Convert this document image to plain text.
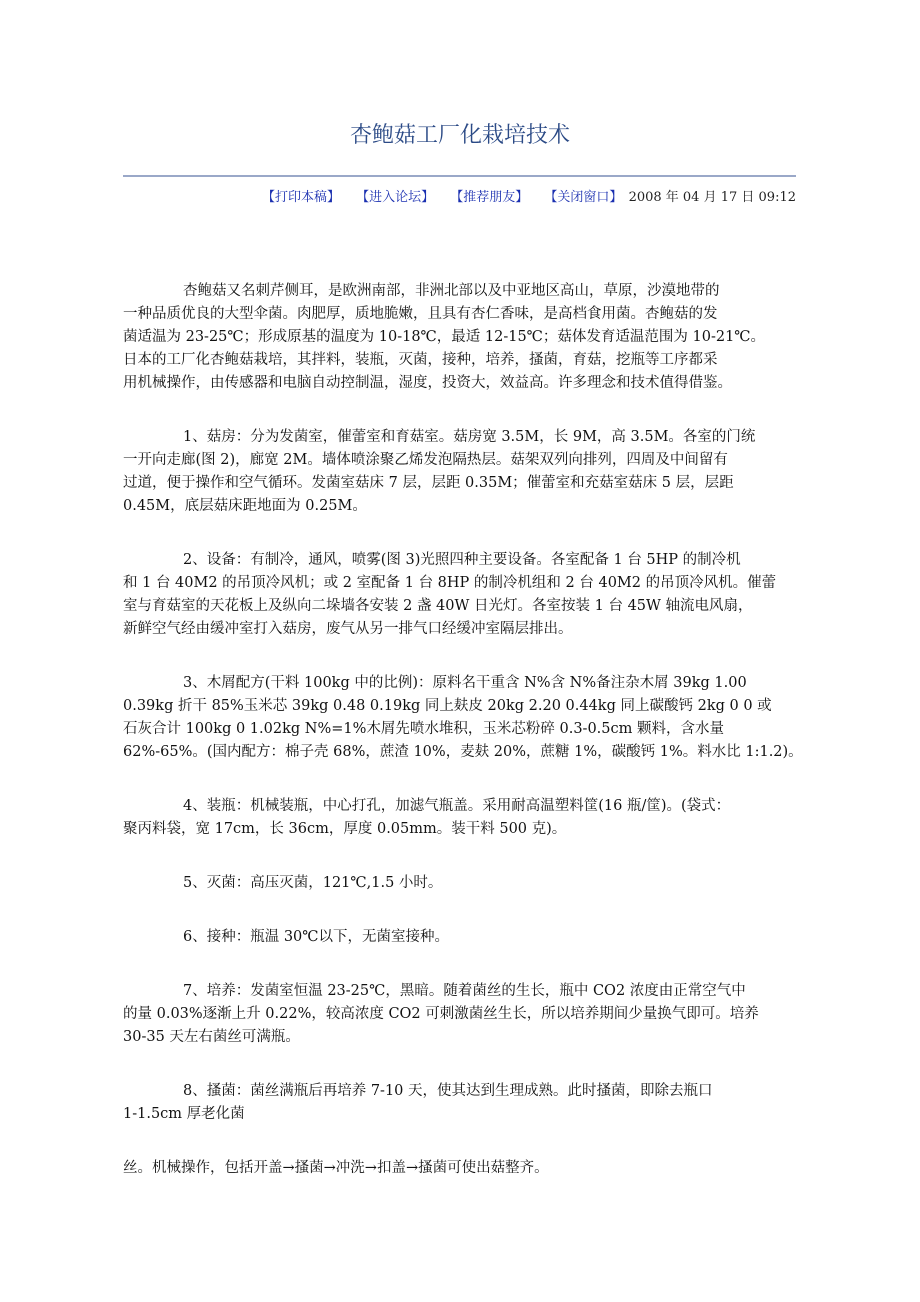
杏鲍菇工厂化栽培技术
【打印本稿】 【进入论坛】 【推荐朋友】 【关闭窗口】 2008 年 04 月 17 日 09:12
杏鲍菇又名刺芹侧耳，是欧洲南部，非洲北部以及中亚地区高山，草原，沙漠地带的
一种品质优良的大型伞菌。肉肥厚，质地脆嫩，且具有杏仁香味，是高档食用菌。杏鲍菇的发
菌适温为 23-25℃；形成原基的温度为 10-18℃，最适 12-15℃；菇体发育适温范围为 10-21℃。
日本的工厂化杏鲍菇栽培，其拌料，装瓶，灭菌，接种，培养，搔菌，育菇，挖瓶等工序都采
用机械操作，由传感器和电脑自动控制温，湿度，投资大，效益高。许多理念和技术值得借鉴。
1、菇房：分为发菌室，催蕾室和育菇室。菇房宽 3.5M，长 9M，高 3.5M。各室的门统
一开向走廊(图 2)，廊宽 2M。墙体喷涂聚乙烯发泡隔热层。菇架双列向排列，四周及中间留有
过道，便于操作和空气循环。发菌室菇床 7 层，层距 0.35M；催蕾室和充菇室菇床 5 层，层距
0.45M，底层菇床距地面为 0.25M。
2、设备：有制冷，通风，喷雾(图 3)光照四种主要设备。各室配备 1 台 5HP 的制冷机
和 1 台 40M2 的吊顶冷风机；或 2 室配备 1 台 8HP 的制冷机组和 2 台 40M2 的吊顶冷风机。催蕾
室与育菇室的天花板上及纵向二垛墙各安装 2 盏 40W 日光灯。各室按装 1 台 45W 轴流电风扇，
新鲜空气经由缓冲室打入菇房，废气从另一排气口经缓冲室隔层排出。
3、木屑配方(干料 100kg 中的比例)：原料名干重含 N%含 N%备注杂木屑 39kg 1.00
0.39kg 折干 85%玉米芯 39kg 0.48 0.19kg 同上麸皮 20kg 2.20 0.44kg 同上碳酸钙 2kg 0 0 或
石灰合计 100kg 0 1.02kg N%=1%木屑先喷水堆积，玉米芯粉碎 0.3-0.5cm 颗料，含水量
62%-65%。(国内配方：棉子壳 68%，蔗渣 10%，麦麸 20%，蔗糖 1%，碳酸钙 1%。料水比 1:1.2)。
4、装瓶：机械装瓶，中心打孔，加滤气瓶盖。采用耐高温塑料筐(16 瓶/筐)。(袋式：
聚丙料袋，宽 17cm，长 36cm，厚度 0.05mm。装干料 500 克)。
5、灭菌：高压灭菌，121℃,1.5 小时。
6、接种：瓶温 30℃以下，无菌室接种。
7、培养：发菌室恒温 23-25℃，黑暗。随着菌丝的生长，瓶中 CO2 浓度由正常空气中
的量 0.03%逐渐上升 0.22%，较高浓度 CO2 可刺激菌丝生长，所以培养期间少量换气即可。培养
30-35 天左右菌丝可满瓶。
8、搔菌：菌丝满瓶后再培养 7-10 天，使其达到生理成熟。此时搔菌，即除去瓶口
1-1.5cm 厚老化菌
丝。机械操作，包括开盖→搔菌→冲洗→扣盖→搔菌可使出菇整齐。
